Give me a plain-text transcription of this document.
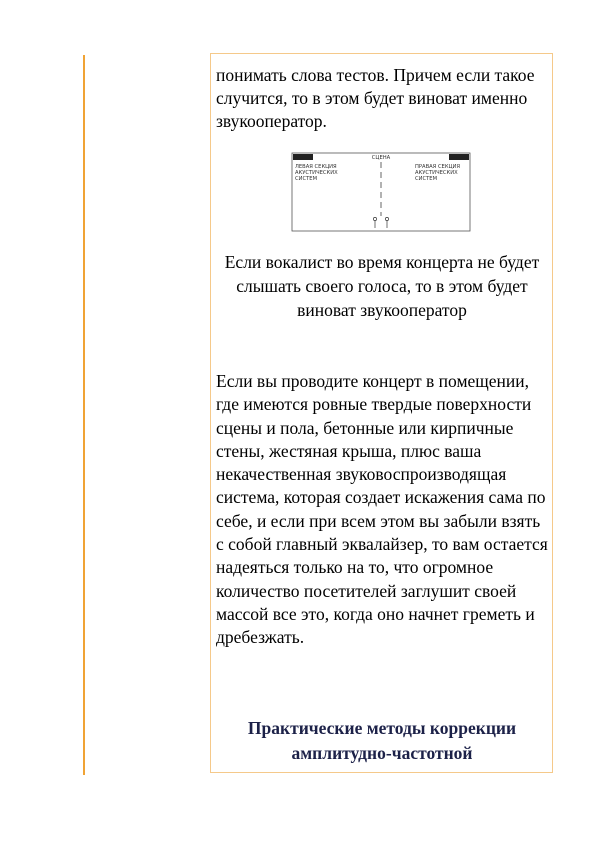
понимать слова тестов. Причем если такое случится, то в этом будет виноват именно звукооператор.

СЦЕНА
ЛЕВАЯ СЕКЦИЯ
АКУСТИЧЕСКИХ
СИСТЕМ
ПРАВАЯ СЕКЦИЯ
АКУСТИЧЕСКИХ
СИСТЕМ

Если вокалист во время концерта не будет слышать своего голоса, то в этом будет виноват звукооператор

Если вы проводите концерт в помещении, где имеются ровные твердые поверхности сцены и пола, бетонные или кирпичные стены, жестяная крыша, плюс ваша некачественная звуковоспроизводящая система, которая создает искажения сама по себе, и если при всем этом вы забыли взять с собой главный эквалайзер, то вам остается надеяться только на то, что огромное количество посетителей заглушит своей массой все это, когда оно начнет греметь и дребезжать.

Практические методы коррекции амплитудно-частотной
